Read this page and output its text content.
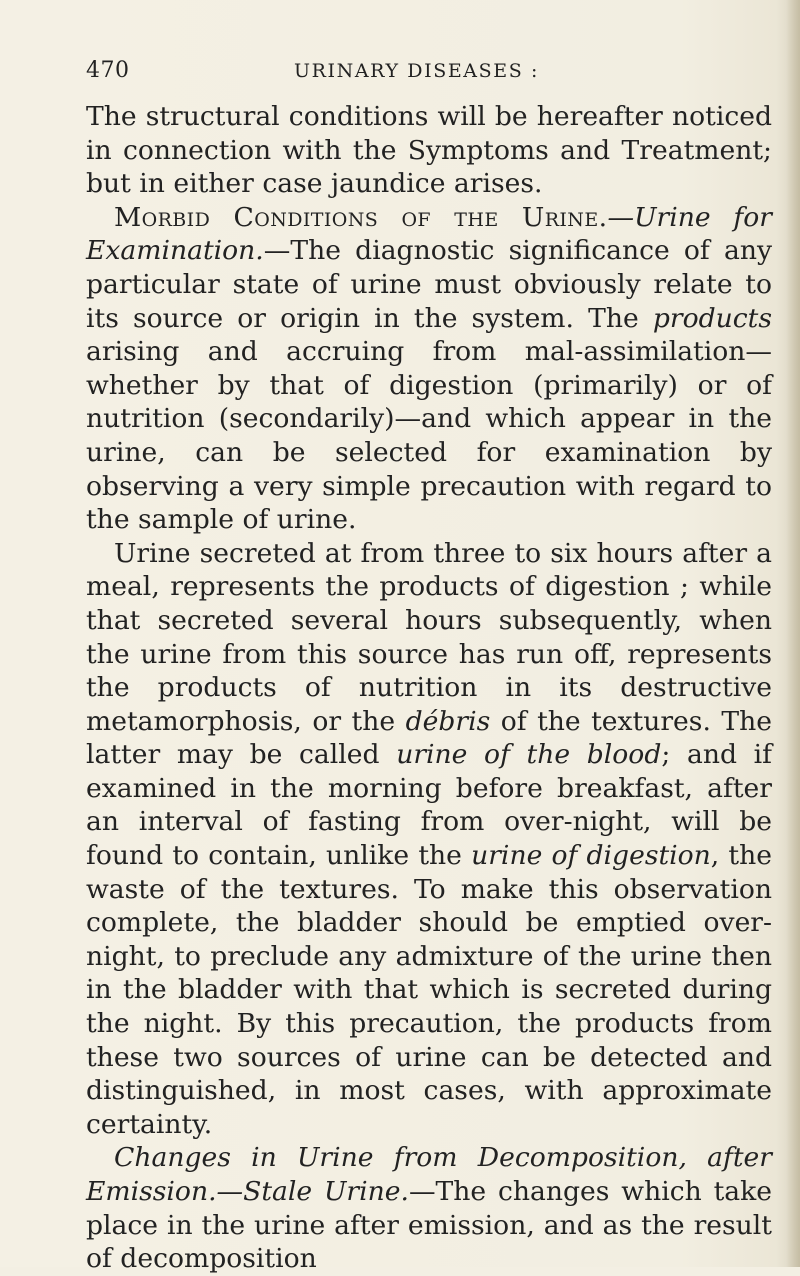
470	URINARY DISEASES :

The structural conditions will be hereafter noticed in connection with the Symptoms and Treatment; but in either case jaundice arises.

Morbid Conditions of the Urine.—Urine for Examination.—The diagnostic significance of any particular state of urine must obviously relate to its source or origin in the system. The products arising and accruing from mal-assimilation—whether by that of digestion (primarily) or of nutrition (secondarily)—and which appear in the urine, can be selected for examination by observing a very simple precaution with regard to the sample of urine.

Urine secreted at from three to six hours after a meal, represents the products of digestion ; while that secreted several hours subsequently, when the urine from this source has run off, represents the products of nutrition in its destructive metamorphosis, or the débris of the textures. The latter may be called urine of the blood; and if examined in the morning before breakfast, after an interval of fasting from over-night, will be found to contain, unlike the urine of digestion, the waste of the textures. To make this observation complete, the bladder should be emptied over-night, to preclude any admixture of the urine then in the bladder with that which is secreted during the night. By this precaution, the products from these two sources of urine can be detected and distinguished, in most cases, with approximate certainty.

Changes in Urine from Decomposition, after Emission.—Stale Urine.—The changes which take place in the urine after emission, and as the result of decomposition
